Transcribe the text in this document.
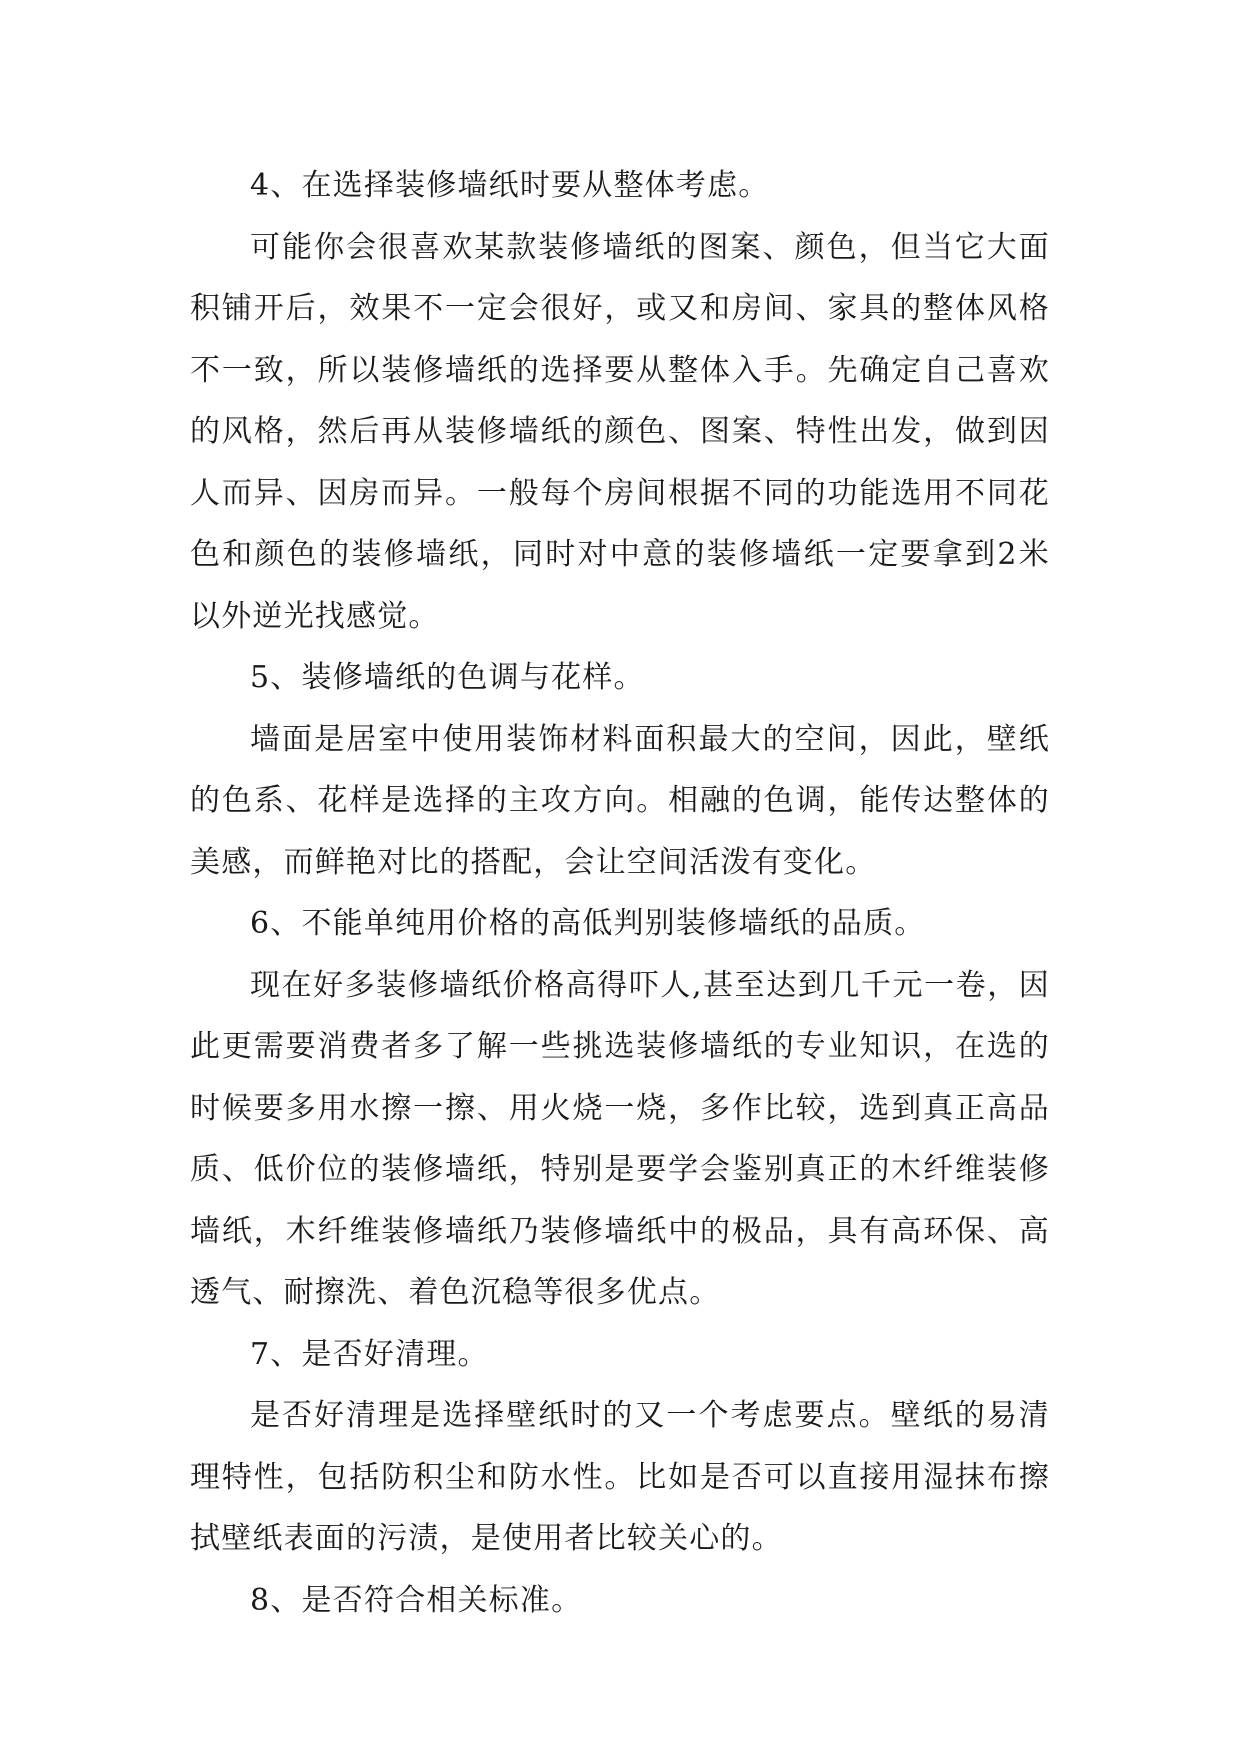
4、在选择装修墙纸时要从整体考虑。

可能你会很喜欢某款装修墙纸的图案、颜色，但当它大面积铺开后，效果不一定会很好，或又和房间、家具的整体风格不一致，所以装修墙纸的选择要从整体入手。先确定自己喜欢的风格，然后再从装修墙纸的颜色、图案、特性出发，做到因人而异、因房而异。一般每个房间根据不同的功能选用不同花色和颜色的装修墙纸，同时对中意的装修墙纸一定要拿到2米以外逆光找感觉。

5、装修墙纸的色调与花样。

墙面是居室中使用装饰材料面积最大的空间，因此，壁纸的色系、花样是选择的主攻方向。相融的色调，能传达整体的美感，而鲜艳对比的搭配，会让空间活泼有变化。

6、不能单纯用价格的高低判别装修墙纸的品质。

现在好多装修墙纸价格高得吓人,甚至达到几千元一卷，因此更需要消费者多了解一些挑选装修墙纸的专业知识，在选的时候要多用水擦一擦、用火烧一烧，多作比较，选到真正高品质、低价位的装修墙纸，特别是要学会鉴别真正的木纤维装修墙纸，木纤维装修墙纸乃装修墙纸中的极品，具有高环保、高透气、耐擦洗、着色沉稳等很多优点。

7、是否好清理。

是否好清理是选择壁纸时的又一个考虑要点。壁纸的易清理特性，包括防积尘和防水性。比如是否可以直接用湿抹布擦拭壁纸表面的污渍，是使用者比较关心的。

8、是否符合相关标准。
